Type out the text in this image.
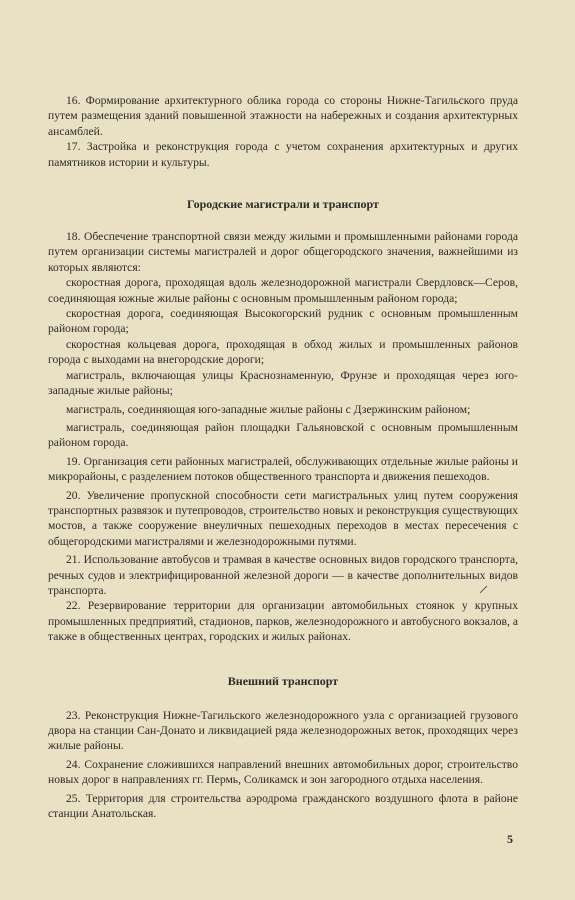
16. Формирование архитектурного облика города со стороны Нижне-Тагильского пруда путем размещения зданий повышенной этажности на набережных и создания архитектурных ансамблей.

17. Застройка и реконструкция города с учетом сохранения архитектурных и других памятников истории и культуры.

Городские магистрали и транспорт

18. Обеспечение транспортной связи между жилыми и промышленными районами города путем организации системы магистралей и дорог общегородского значения, важнейшими из которых являются:

скоростная дорога, проходящая вдоль железнодорожной магистрали Свердловск—Серов, соединяющая южные жилые районы с основным промышленным районом города;

скоростная дорога, соединяющая Высокогорский рудник с основным промышленным районом города;

скоростная кольцевая дорога, проходящая в обход жилых и промышленных районов города с выходами на внегородские дороги;

магистраль, включающая улицы Краснознаменную, Фрунзе и проходящая через юго-западные жилые районы;

магистраль, соединяющая юго-западные жилые районы с Дзержинским районом;

магистраль, соединяющая район площадки Гальяновской с основным промышленным районом города.

19. Организация сети районных магистралей, обслуживающих отдельные жилые районы и микрорайоны, с разделением потоков общественного транспорта и движения пешеходов.

20. Увеличение пропускной способности сети магистральных улиц путем сооружения транспортных развязок и путепроводов, строительство новых и реконструкция существующих мостов, а также сооружение внеуличных пешеходных переходов в местах пересечения с общегородскими магистралями и железнодорожными путями.

21. Использование автобусов и трамвая в качестве основных видов городского транспорта, речных судов и электрифицированной железной дороги — в качестве дополнительных видов транспорта.

22. Резервирование территории для организации автомобильных стоянок у крупных промышленных предприятий, стадионов, парков, железнодорожного и автобусного вокзалов, а также в общественных центрах, городских и жилых районах.

Внешний транспорт

23. Реконструкция Нижне-Тагильского железнодорожного узла с организацией грузового двора на станции Сан-Донато и ликвидацией ряда железнодорожных веток, проходящих через жилые районы.

24. Сохранение сложившихся направлений внешних автомобильных дорог, строительство новых дорог в направлениях гг. Пермь, Соликамск и зон загородного отдыха населения.

25. Территория для строительства аэродрома гражданского воздушного флота в районе станции Анатольская.

5
